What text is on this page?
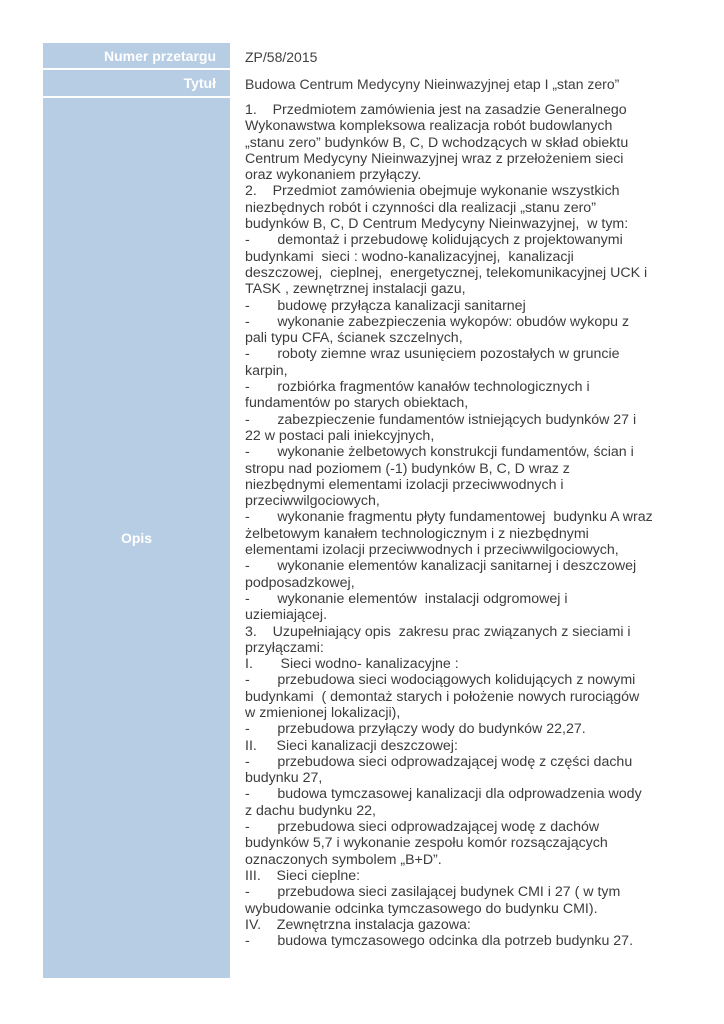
Numer przetargu	ZP/58/2015
Tytuł	Budowa Centrum Medycyny Nieinwazyjnej etap I „stan zero”
Opis
1.    Przedmiotem zamówienia jest na zasadzie Generalnego
Wykonawstwa kompleksowa realizacja robót budowlanych
„stanu zero” budynków B, C, D wchodzących w skład obiektu
Centrum Medycyny Nieinwazyjnej wraz z przełożeniem sieci
oraz wykonaniem przyłączy.
2.    Przedmiot zamówienia obejmuje wykonanie wszystkich
niezbędnych robót i czynności dla realizacji „stanu zero”
budynków B, C, D Centrum Medycyny Nieinwazyjnej,  w tym:
-       demontaż i przebudowę kolidujących z projektowanymi
budynkami  sieci : wodno-kanalizacyjnej,  kanalizacji
deszczowej,  cieplnej,  energetycznej, telekomunikacyjnej UCK i
TASK , zewnętrznej instalacji gazu,
-       budowę przyłącza kanalizacji sanitarnej
-       wykonanie zabezpieczenia wykopów: obudów wykopu z
pali typu CFA, ścianek szczelnych,
-       roboty ziemne wraz usunięciem pozostałych w gruncie
karpin,
-       rozbiórka fragmentów kanałów technologicznych i
fundamentów po starych obiektach,
-       zabezpieczenie fundamentów istniejących budynków 27 i
22 w postaci pali iniekcyjnych,
-       wykonanie żelbetowych konstrukcji fundamentów, ścian i
stropu nad poziomem (-1) budynków B, C, D wraz z
niezbędnymi elementami izolacji przeciwwodnych i
przeciwwilgociowych,
-       wykonanie fragmentu płyty fundamentowej  budynku A wraz
żelbetowym kanałem technologicznym i z niezbędnymi
elementami izolacji przeciwwodnych i przeciwwilgociowych,
-       wykonanie elementów kanalizacji sanitarnej i deszczowej
podposadzkowej,
-       wykonanie elementów  instalacji odgromowej i
uziemiającej.
3.    Uzupełniający opis  zakresu prac związanych z sieciami i
przyłączami:
I.       Sieci wodno- kanalizacyjne :
-       przebudowa sieci wodociągowych kolidujących z nowymi
budynkami  ( demontaż starych i położenie nowych rurociągów
w zmienionej lokalizacji),
-       przebudowa przyłączy wody do budynków 22,27.
II.     Sieci kanalizacji deszczowej:
-       przebudowa sieci odprowadzającej wodę z części dachu
budynku 27,
-       budowa tymczasowej kanalizacji dla odprowadzenia wody
z dachu budynku 22,
-       przebudowa sieci odprowadzającej wodę z dachów
budynków 5,7 i wykonanie zespołu komór rozsączających
oznaczonych symbolem „B+D”.
III.    Sieci cieplne:
-       przebudowa sieci zasilającej budynek CMI i 27 ( w tym
wybudowanie odcinka tymczasowego do budynku CMI).
IV.    Zewnętrzna instalacja gazowa:
-       budowa tymczasowego odcinka dla potrzeb budynku 27.
